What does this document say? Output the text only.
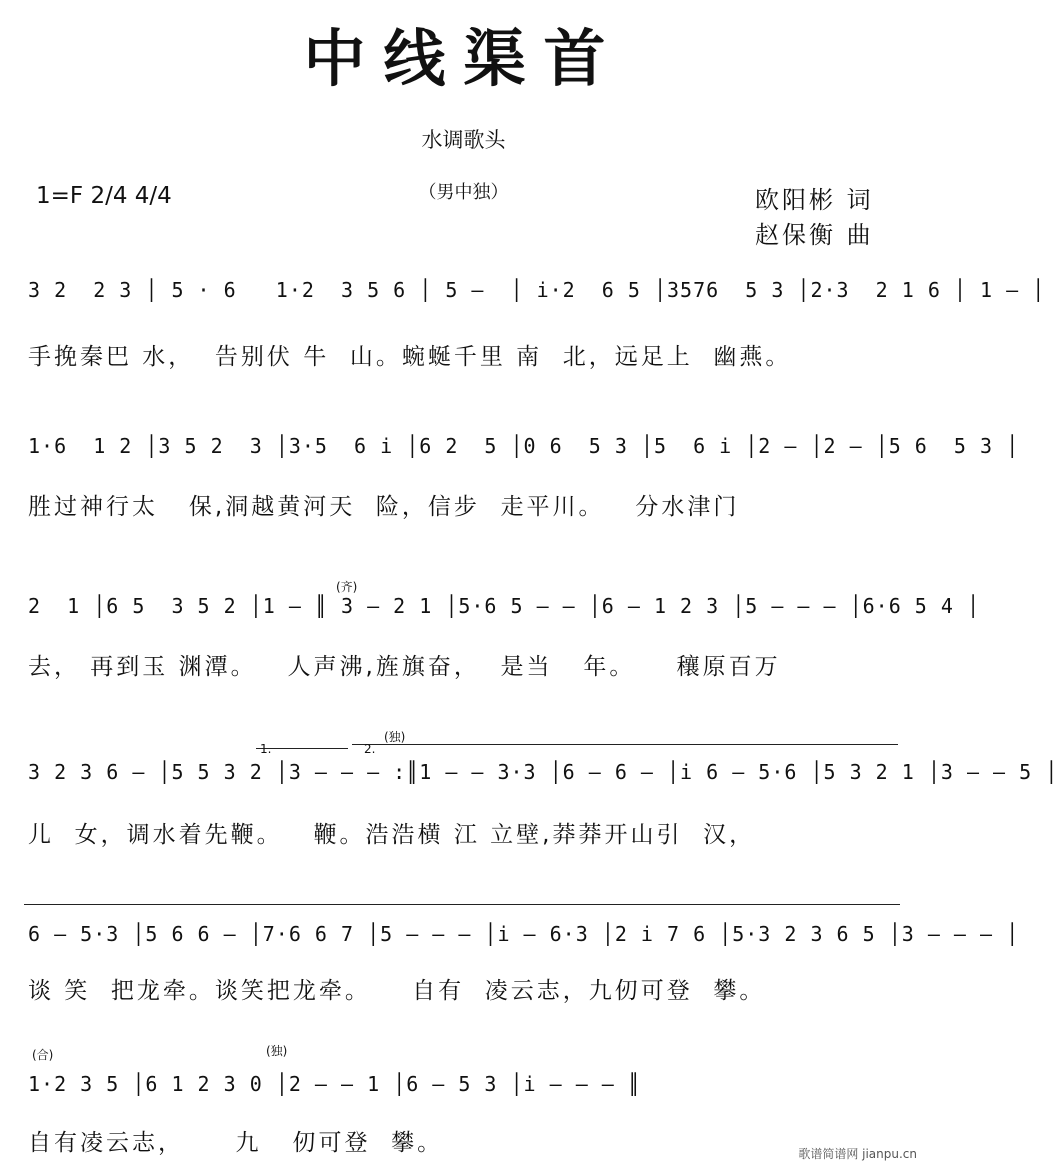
中线渠首
水调歌头
（男中独）
1=F 2/4 4/4	欧阳彬 词
赵保衡 曲
3 2  2 3 │ 5 · 6   1·2  3 5 6 │ 5 —  │ i·2  6 5 │3576  5 3 │2·3  2 1 6 │ 1 — │
手挽秦巴 水，  告别伏 牛  山。蜿蜒千里 南  北，远足上  幽燕。
1·6  1 2 │3 5 2  3 │3·5  6 i │6 2  5 │0 6  5 3 │5  6 i │2 — │2 — │5 6  5 3 │
胜过神行太   保,洞越黄河天  险，信步  走平川。   分水津门
2  1 │6 5  3 5 2 │1 — ║ 3 — 2 1 │5·6 5 — — │6 — 1 2 3 │5 — — — │6·6 5 4 │
(齐)
去， 再到玉 渊潭。   人声沸,旌旗奋，  是当   年。    穰原百万
3 2 3 6 — │5 5 3 2 │3 — — — :║1 — — 3·3 │6 — 6 — │i 6 — 5·6 │5 3 2 1 │3 — — 5 │
1.	2.
(独)
儿  女，调水着先鞭。   鞭。浩浩横 江 立壁,莽莽开山引  汉，
6 — 5·3 │5 6 6 — │7·6 6 7 │5 — — — │i — 6·3 │2 i 7 6 │5·3 2 3 6 5 │3 — — — │
谈 笑  把龙牵。谈笑把龙牵。    自有  凌云志，九仞可登  攀。
1·2 3 5 │6 1 2 3 0 │2 — — 1 │6 — 5 3 │i — — — ║
(合)	(独)
自有凌云志，     九   仞可登  攀。	歌谱简谱网 jianpu.cn
